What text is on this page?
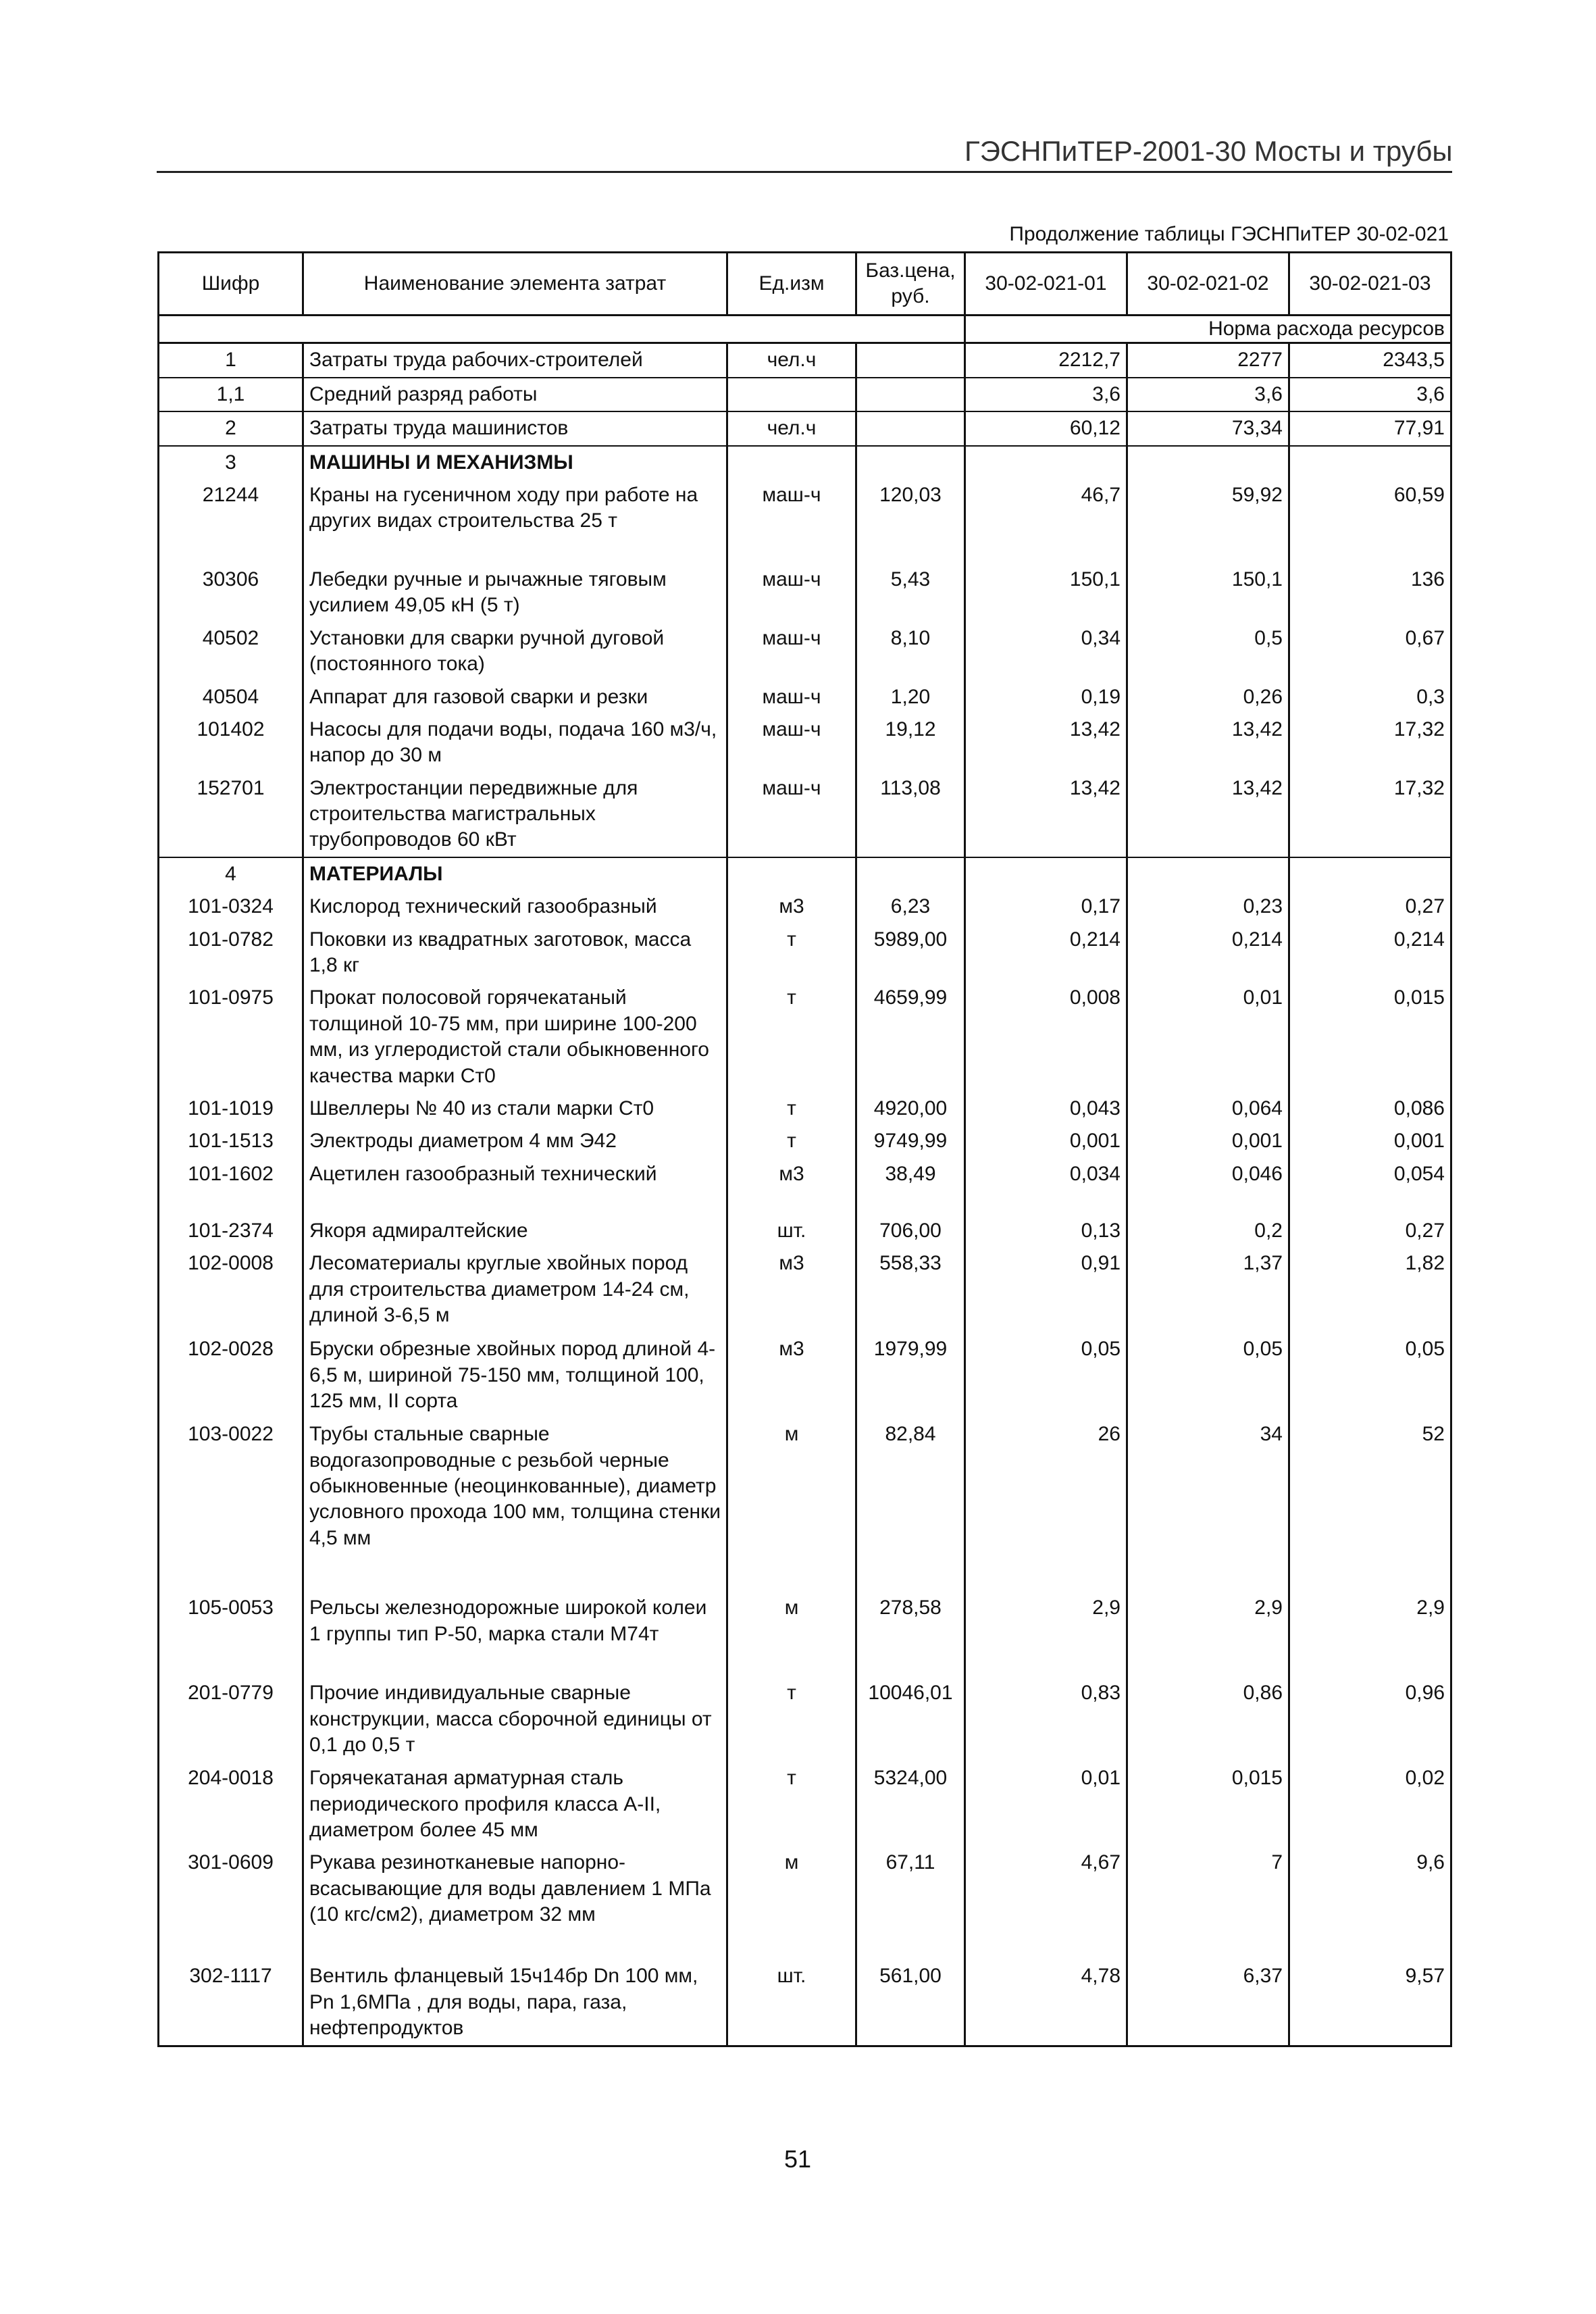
ГЭСНПиТЕР-2001-30 Мосты и трубы
Продолжение таблицы ГЭСНПиТЕР 30-02-021
Шифр	Наименование элемента затрат	Ед.изм	Баз.цена, руб.	30-02-021-01	30-02-021-02	30-02-021-03
				Норма расхода ресурсов		
1	Затраты труда рабочих-строителей	чел.ч		2212,7	2277	2343,5
1,1	Средний разряд работы			3,6	3,6	3,6
2	Затраты труда машинистов	чел.ч		60,12	73,34	77,91
3	МАШИНЫ И МЕХАНИЗМЫ					
21244	Краны на гусеничном ходу при работе на других видах строительства 25 т	маш-ч	120,03	46,7	59,92	60,59
30306	Лебедки ручные и рычажные тяговым усилием 49,05 кН (5 т)	маш-ч	5,43	150,1	150,1	136
40502	Установки для сварки ручной дуговой (постоянного тока)	маш-ч	8,10	0,34	0,5	0,67
40504	Аппарат для газовой сварки и резки	маш-ч	1,20	0,19	0,26	0,3
101402	Насосы для подачи воды, подача 160 м3/ч, напор до 30 м	маш-ч	19,12	13,42	13,42	17,32
152701	Электростанции передвижные для строительства магистральных трубопроводов 60 кВт	маш-ч	113,08	13,42	13,42	17,32
4	МАТЕРИАЛЫ					
101-0324	Кислород технический газообразный	м3	6,23	0,17	0,23	0,27
101-0782	Поковки из квадратных заготовок, масса 1,8 кг	т	5989,00	0,214	0,214	0,214
101-0975	Прокат полосовой горячекатаный толщиной 10-75 мм, при ширине 100-200 мм, из углеродистой стали обыкновенного качества марки Ст0	т	4659,99	0,008	0,01	0,015
101-1019	Швеллеры № 40 из стали марки Ст0	т	4920,00	0,043	0,064	0,086
101-1513	Электроды диаметром 4 мм Э42	т	9749,99	0,001	0,001	0,001
101-1602	Ацетилен газообразный технический	м3	38,49	0,034	0,046	0,054
101-2374	Якоря адмиралтейские	шт.	706,00	0,13	0,2	0,27
102-0008	Лесоматериалы круглые хвойных пород для строительства диаметром 14-24 см, длиной 3-6,5 м	м3	558,33	0,91	1,37	1,82
102-0028	Бруски обрезные хвойных пород длиной 4-6,5 м, шириной 75-150 мм, толщиной 100, 125 мм, II сорта	м3	1979,99	0,05	0,05	0,05
103-0022	Трубы стальные сварные водогазопроводные с резьбой черные обыкновенные (неоцинкованные), диаметр условного прохода 100 мм, толщина стенки 4,5 мм	м	82,84	26	34	52
105-0053	Рельсы железнодорожные широкой колеи 1 группы тип Р-50, марка стали М74т	м	278,58	2,9	2,9	2,9
201-0779	Прочие индивидуальные сварные конструкции, масса сборочной единицы от 0,1 до 0,5 т	т	10046,01	0,83	0,86	0,96
204-0018	Горячекатаная арматурная сталь периодического профиля класса А-II, диаметром более 45 мм	т	5324,00	0,01	0,015	0,02
301-0609	Рукава резинотканевые напорно-всасывающие для воды давлением 1 МПа (10 кгс/см2), диаметром 32 мм	м	67,11	4,67	7	9,6
302-1117	Вентиль фланцевый 15ч14бр Dn 100 мм, Pn 1,6МПа , для воды, пара, газа, нефтепродуктов	шт.	561,00	4,78	6,37	9,57
51
